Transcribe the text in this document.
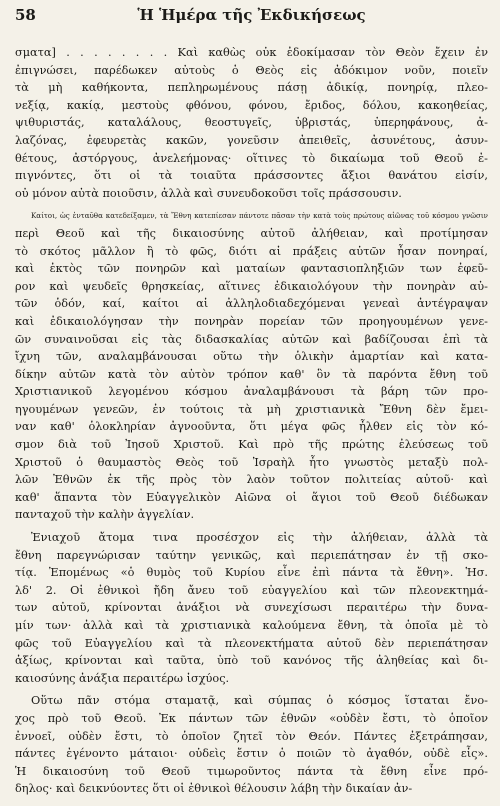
58	Ἡ Ἡμέρα τῆς Ἐκδικήσεως
σματα] . . . . . . . . Καὶ καθὼς οὐκ ἐδοκίμασαν τὸν Θεὸν ἔχειν ἐν
ἐπιγνώσει, παρέδωκεν αὐτοὺς ὁ Θεὸς εἰς ἀδόκιμον νοῦν, ποιεῖν
τὰ μὴ καθήκοντα, πεπληρωμένους πάσῃ ἀδικίᾳ, πονηρίᾳ, πλεο-
νεξίᾳ, κακίᾳ, μεστοὺς φθόνου, φόνου, ἔριδος, δόλου, κακοηθείας,
ψιθυριστάς, καταλάλους, θεοστυγεῖς, ὑβριστάς, ὑπερηφάνους, ἀ-
λαζόνας, ἐφευρετὰς κακῶν, γονεῦσιν ἀπειθεῖς, ἀσυνέτους, ἀσυν-
θέτους, ἀστόργους, ἀνελεήμονας· οἵτινες τὸ δικαίωμα τοῦ Θεοῦ ἐ-
πιγνόντες, ὅτι οἱ τὰ τοιαῦτα πράσσοντες ἄξιοι θανάτου εἰσίν,
οὐ μόνον αὐτὰ ποιοῦσιν, ἀλλὰ καὶ συνευδοκοῦσι τοῖς πράσσουσιν.
Καίτοι, ὡς ἐνταῦθα κατεδείξαμεν, τὰ Ἔθνη κατεπίεσαν πάντοτε πᾶσαν τὴν κατὰ τοὺς πρώτους αἰῶνας τοῦ κόσμου γνῶσιν
περὶ Θεοῦ καὶ τῆς δικαιοσύνης αὐτοῦ ἀλήθειαν, καὶ προτίμησαν
τὸ σκότος μᾶλλον ἢ τὸ φῶς, διότι αἱ πράξεις αὐτῶν ἦσαν πονηραί,
καὶ ἐκτὸς τῶν πονηρῶν καὶ ματαίων φαντασιοπληξιῶν των ἐφεῦ-
ρον καὶ ψευδεῖς θρησκείας, αἵτινες ἐδικαιολόγουν τὴν πονηρὰν αὐ-
τῶν ὁδόν, καί, καίτοι αἱ ἀλληλοδιαδεχόμεναι γενεαὶ ἀντέγραψαν
καὶ ἐδικαιολόγησαν τὴν πονηρὰν πορείαν τῶν προηγουμένων γενε-
ῶν συναινοῦσαι εἰς τὰς διδασκαλίας αὐτῶν καὶ βαδίζουσαι ἐπὶ τὰ
ἴχνη τῶν, αναλαμβάνουσαι οὕτω τὴν ὁλικὴν ἁμαρτίαν καὶ κατα-
δίκην αὐτῶν κατὰ τὸν αὐτὸν τρόπον καθ' ὃν τὰ παρόντα ἔθνη τοῦ
Χριστιανικοῦ λεγομένου κόσμου ἀναλαμβάνουσι τὰ βάρη τῶν προ-
ηγουμένων γενεῶν, ἐν τούτοις τὰ μὴ χριστιανικὰ Ἔθνη δὲν ἔμει-
ναν καθ' ὁλοκληρίαν ἀγνοοῦντα, ὅτι μέγα φῶς ἦλθεν εἰς τὸν κό-
σμον διὰ τοῦ Ἰησοῦ Χριστοῦ. Καὶ πρὸ τῆς πρώτης ἐλεύσεως τοῦ
Χριστοῦ ὁ θαυμαστὸς Θεὸς τοῦ Ἰσραὴλ ἦτο γνωστὸς μεταξὺ πολ-
λῶν Ἐθνῶν ἐκ τῆς πρὸς τὸν λαὸν τοῦτον πολιτείας αὐτοῦ· καὶ
καθ' ἅπαντα τὸν Εὐαγγελικὸν Αἰῶνα οἱ ἅγιοι τοῦ Θεοῦ διέδωκαν
πανταχοῦ τὴν καλὴν ἀγγελίαν.
Ἐνιαχοῦ ἄτομα τινα προσέσχον εἰς τὴν ἀλήθειαν, ἀλλὰ τὰ
ἔθνη παρεγνώρισαν ταύτην γενικῶς, καὶ περιεπάτησαν ἐν τῇ σκο-
τίᾳ. Ἐπομένως «ὁ θυμὸς τοῦ Κυρίου εἶνε ἐπὶ πάντα τὰ ἔθνη». Ἡσ.
λδ' 2. Οἱ ἐθνικοὶ ἤδη ἄνευ τοῦ εὐαγγελίου καὶ τῶν πλεονεκτημά-
των αὐτοῦ, κρίνονται ἀνάξιοι νὰ συνεχίσωσι περαιτέρω τὴν δυνα-
μίν των· ἀλλὰ καὶ τὰ χριστιανικὰ καλούμενα ἔθνη, τὰ ὁποῖα μὲ τὸ
φῶς τοῦ Εὐαγγελίου καὶ τὰ πλεονεκτήματα αὐτοῦ δὲν περιεπάτησαν
ἀξίως, κρίνονται καὶ ταῦτα, ὑπὸ τοῦ κανόνος τῆς ἀληθείας καὶ δι-
καιοσύνης ἀνάξια περαιτέρω ἰσχύος.
Οὕτω πᾶν στόμα σταματᾷ, καὶ σύμπας ὁ κόσμος ἵσταται ἔνο-
χος πρὸ τοῦ Θεοῦ. Ἐκ πάντων τῶν ἐθνῶν «οὐδὲν ἔστι, τὸ ὁποῖον
ἐννοεῖ, οὐδὲν ἔστι, τὸ ὁποῖον ζητεῖ τὸν Θεόν. Πάντες ἐξετράπησαν,
πάντες ἐγένοντο μάταιοι· οὐδεὶς ἔστιν ὁ ποιῶν τὸ ἀγαθόν, οὐδὲ εἷς».
Ἡ δικαιοσύνη τοῦ Θεοῦ τιμωροῦντος πάντα τὰ ἔθνη εἶνε πρό-
δηλος· καὶ δεικνύοντες ὅτι οἱ ἐθνικοὶ θέλουσιν λάβη τὴν δικαίαν ἀν-
